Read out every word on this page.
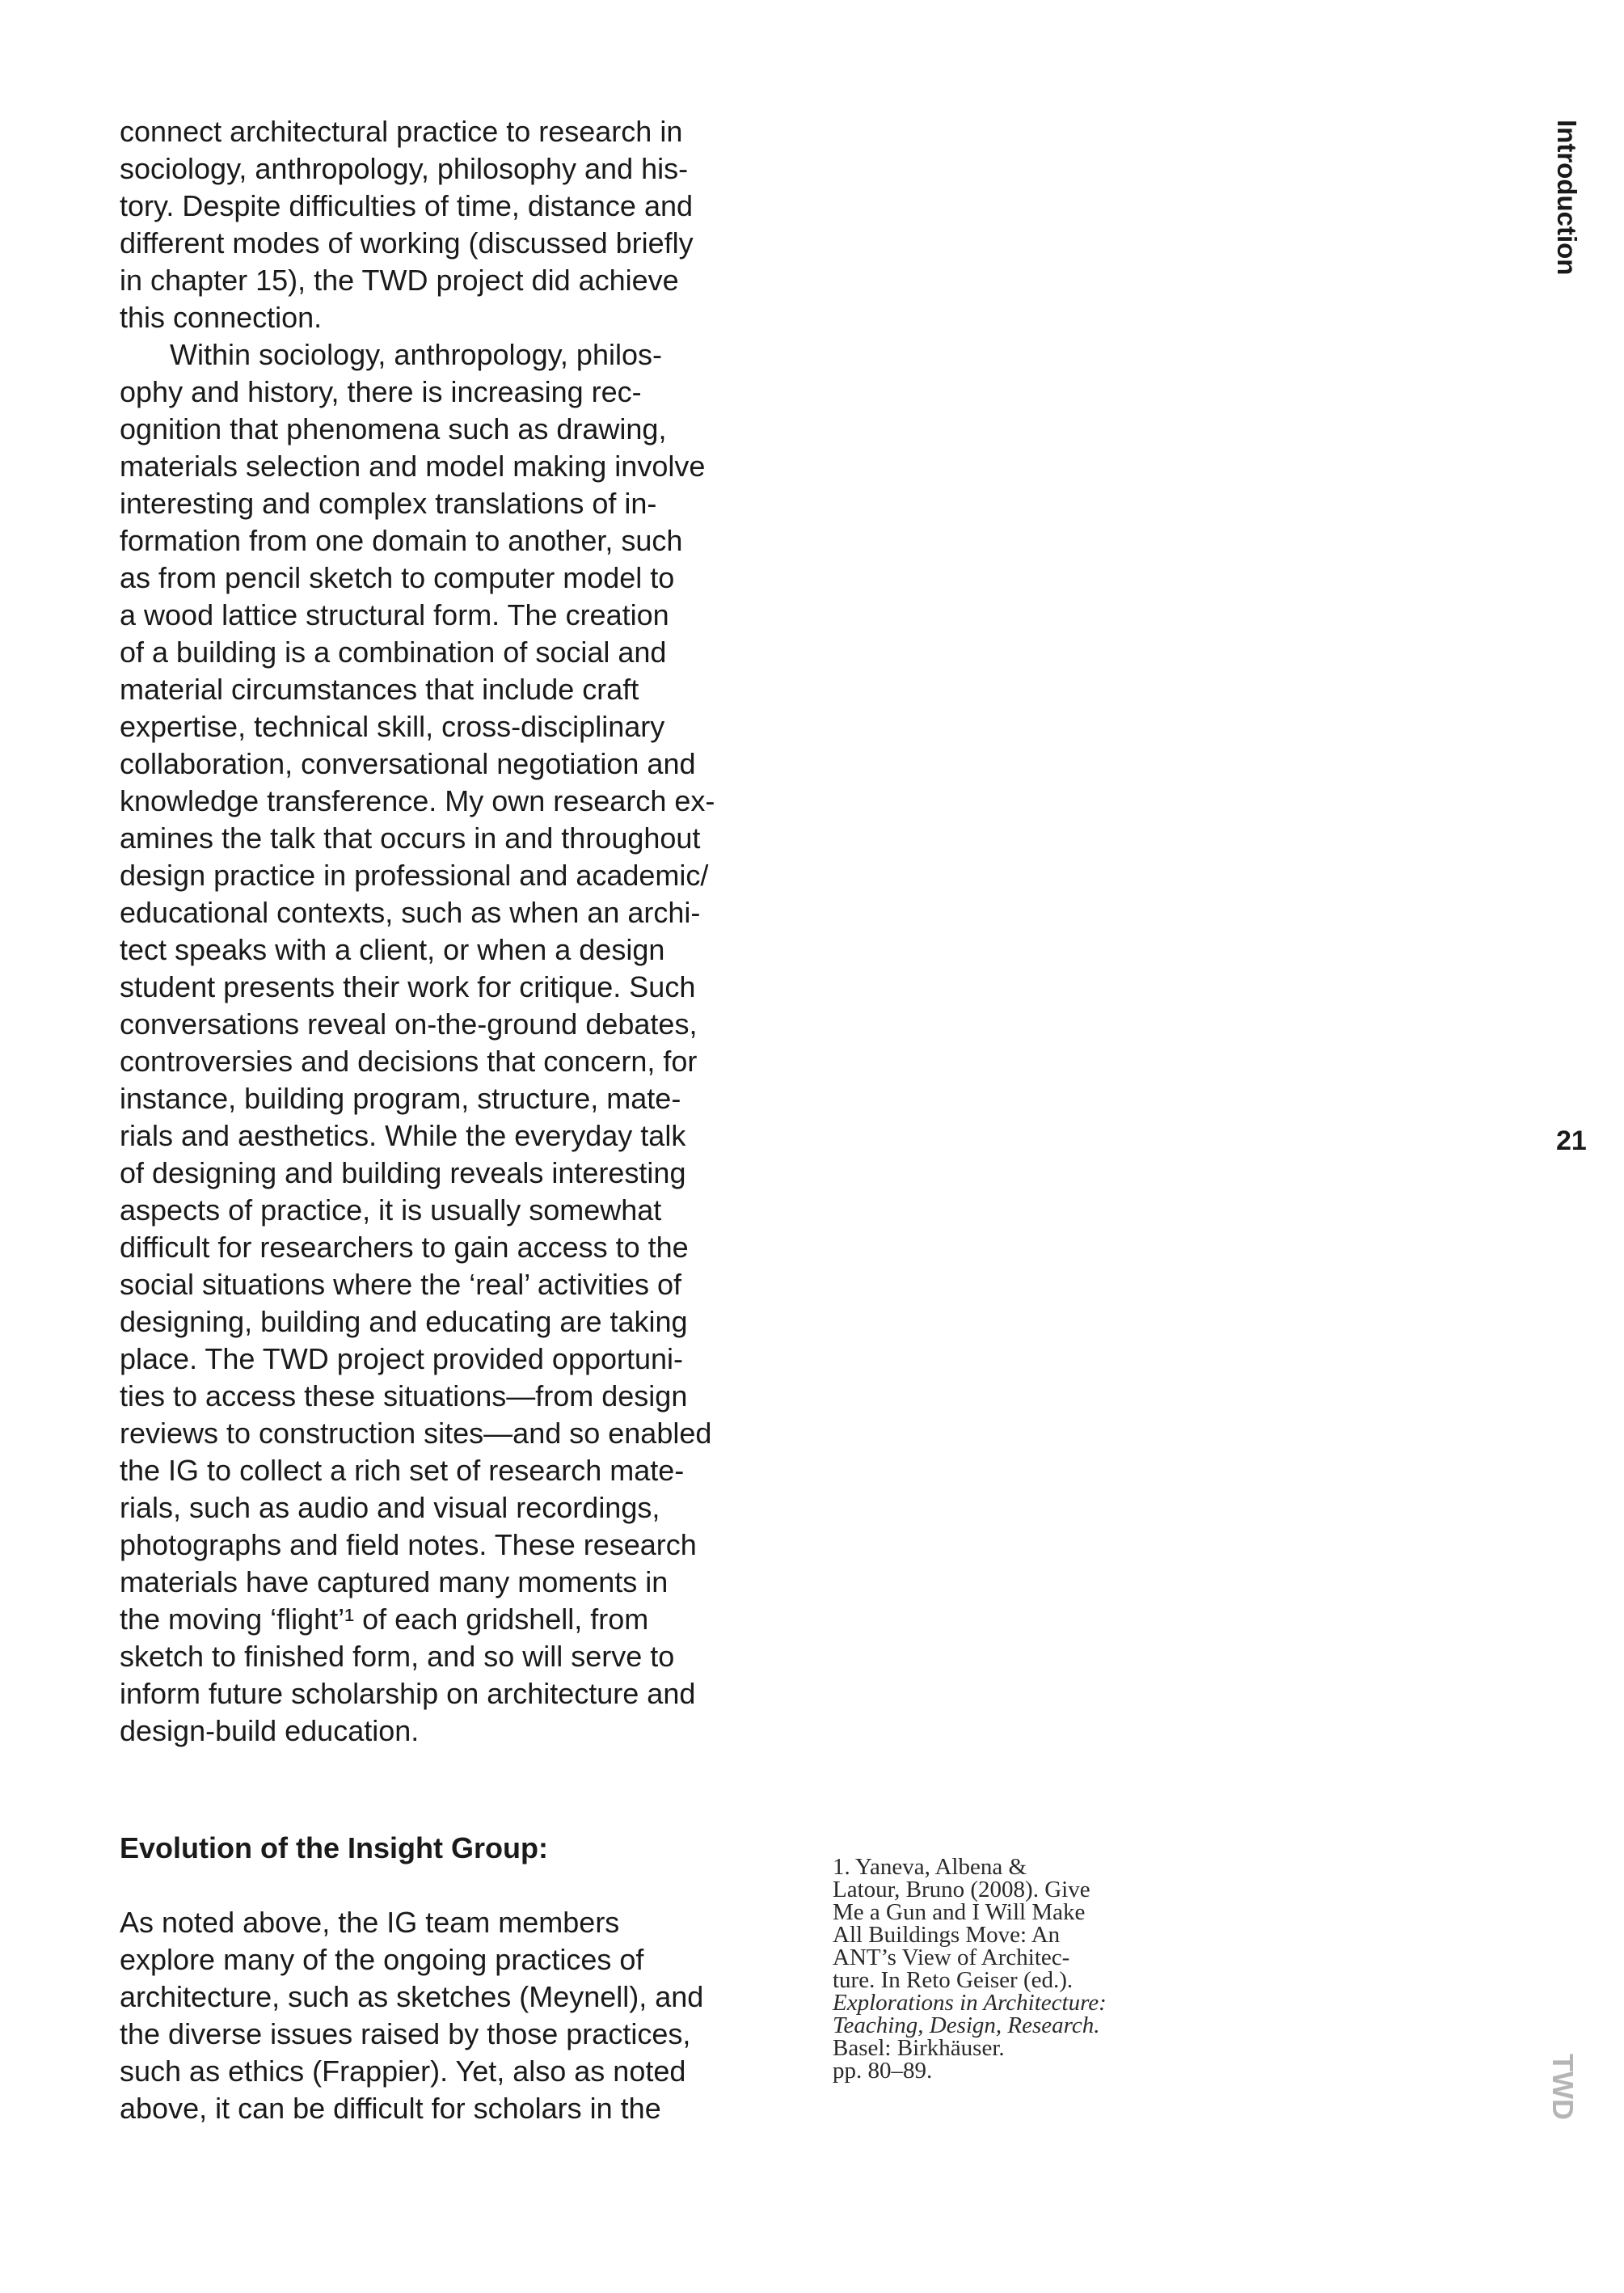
Introduction
21
TWD
connect architectural practice to research in
sociology, anthropology, philosophy and his-
tory. Despite difficulties of time, distance and
different modes of working (discussed briefly
in chapter 15), the TWD project did achieve
this connection.
Within sociology, anthropology, philos-
ophy and history, there is increasing rec-
ognition that phenomena such as drawing,
materials selection and model making involve
interesting and complex translations of in-
formation from one domain to another, such
as from pencil sketch to computer model to
a wood lattice structural form. The creation
of a building is a combination of social and
material circumstances that include craft
expertise, technical skill, cross-disciplinary
collaboration, conversational negotiation and
knowledge transference. My own research ex-
amines the talk that occurs in and throughout
design practice in professional and academic/
educational contexts, such as when an archi-
tect speaks with a client, or when a design
student presents their work for critique. Such
conversations reveal on-the-ground debates,
controversies and decisions that concern, for
instance, building program, structure, mate-
rials and aesthetics. While the everyday talk
of designing and building reveals interesting
aspects of practice, it is usually somewhat
difficult for researchers to gain access to the
social situations where the ‘real’ activities of
designing, building and educating are taking
place. The TWD project provided opportuni-
ties to access these situations—from design
reviews to construction sites—and so enabled
the IG to collect a rich set of research mate-
rials, such as audio and visual recordings,
photographs and field notes. These research
materials have captured many moments in
the moving ‘flight’¹ of each gridshell, from
sketch to finished form, and so will serve to
inform future scholarship on architecture and
design-build education.
Evolution of the Insight Group:
As noted above, the IG team members
explore many of the ongoing practices of
architecture, such as sketches (Meynell), and
the diverse issues raised by those practices,
such as ethics (Frappier). Yet, also as noted
above, it can be difficult for scholars in the
1. Yaneva, Albena &
Latour, Bruno (2008). Give
Me a Gun and I Will Make
All Buildings Move: An
ANT’s View of Architec-
ture. In Reto Geiser (ed.).
Explorations in Architecture:
Teaching, Design, Research.
Basel: Birkhäuser.
pp. 80–89.
